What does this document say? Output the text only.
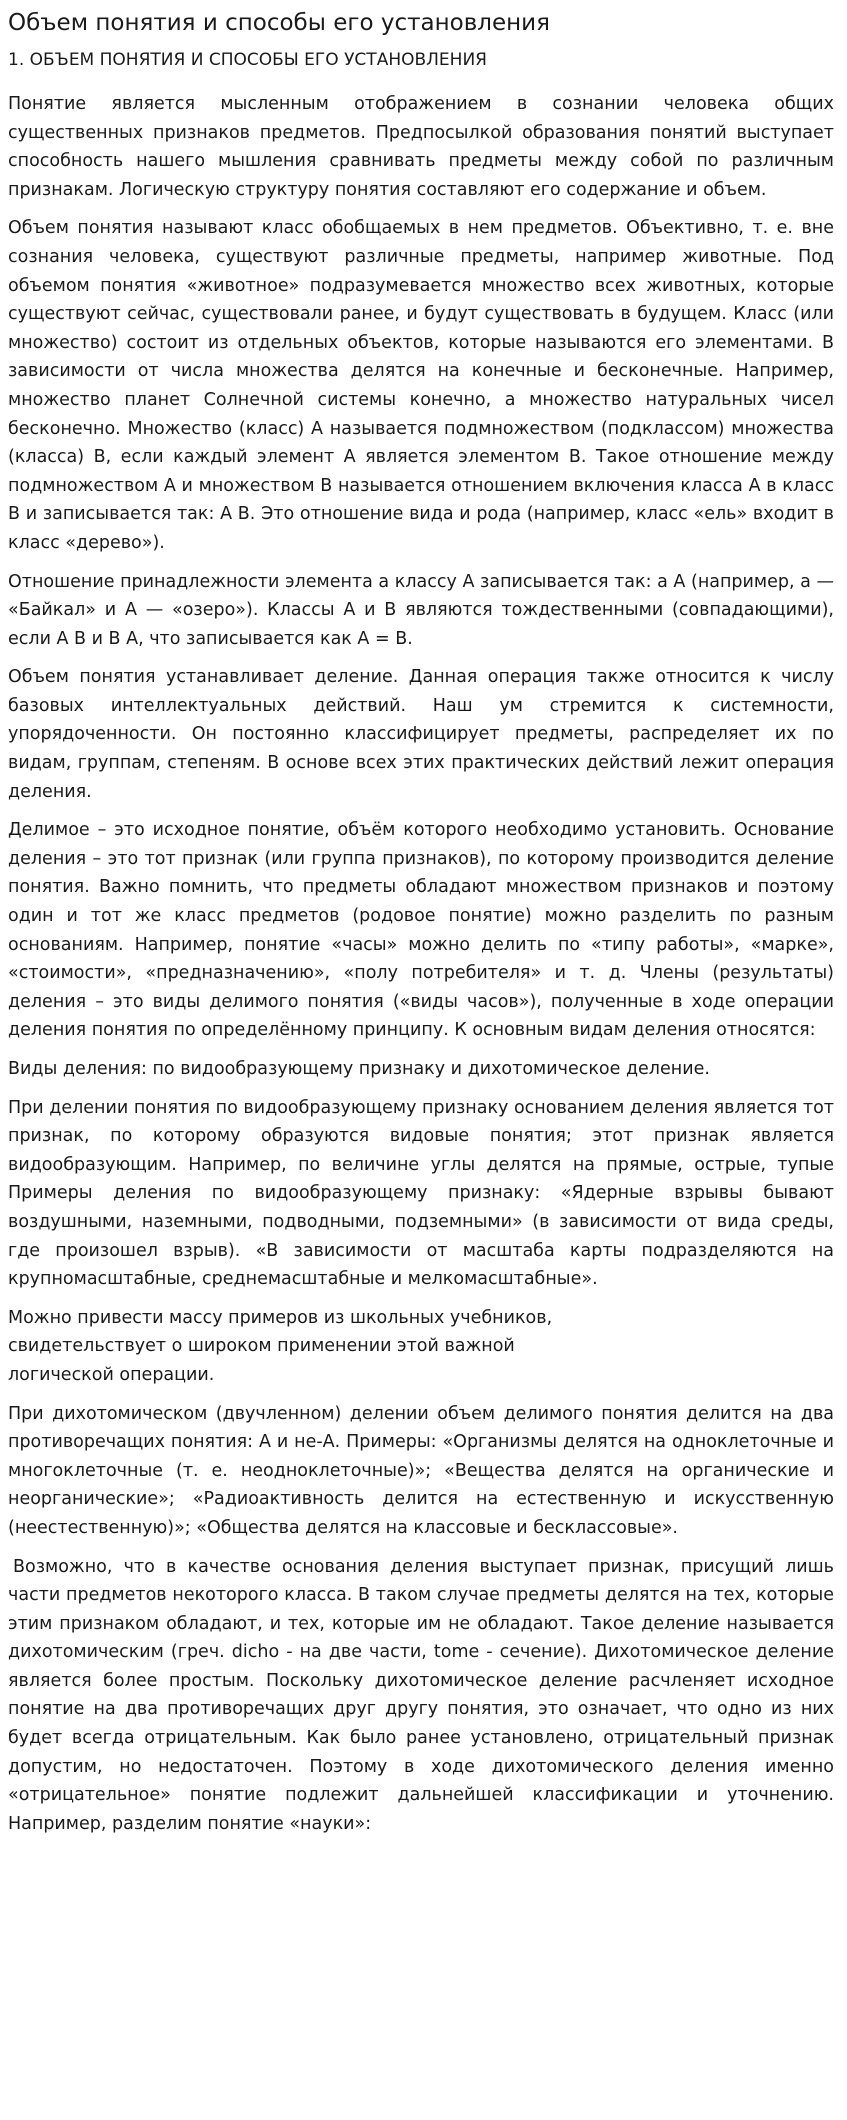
Объем понятия и способы его установления
1. ОБЪЕМ ПОНЯТИЯ И СПОСОБЫ ЕГО УСТАНОВЛЕНИЯ

Понятие является мысленным отображением в сознании человека общих существенных признаков предметов. Предпосылкой образования понятий выступает способность нашего мышления сравнивать предметы между собой по различным признакам. Логическую структуру понятия составляют его содержание и объем.

Объем понятия называют класс обобщаемых в нем предметов. Объективно, т. е. вне сознания человека, существуют различные предметы, например животные. Под объемом понятия «животное» подразумевается множество всех животных, которые существуют сейчас, существовали ранее, и будут существовать в будущем. Класс (или множество) состоит из отдельных объектов, которые называются его элементами. В зависимости от числа множества делятся на конечные и бесконечные. Например, множество планет Солнечной системы конечно, а множество натуральных чисел бесконечно. Множество (класс) А называется подмножеством (подклассом) множества (класса) В, если каждый элемент А является элементом В. Такое отношение между подмножеством А и множеством В называется отношением включения класса А в класс В и записывается так: А В. Это отношение вида и рода (например, класс «ель» входит в класс «дерево»).

Отношение принадлежности элемента а классу А записывается так: а А (например, а — «Байкал» и А — «озеро»). Классы А и В являются тождественными (совпадающими), если А В и В А, что записывается как А = В.

Объем понятия устанавливает деление. Данная операция также относится к числу базовых интеллектуальных действий. Наш ум стремится к системности, упорядоченности. Он постоянно классифицирует предметы, распределяет их по видам, группам, степеням. В основе всех этих практических действий лежит операция деления.

Делимое – это исходное понятие, объём которого необходимо установить. Основание деления – это тот признак (или группа признаков), по которому производится деление понятия. Важно помнить, что предметы обладают множеством признаков и поэтому один и тот же класс предметов (родовое понятие) можно разделить по разным основаниям. Например, понятие «часы» можно делить по «типу работы», «марке», «стоимости», «предназначению», «полу потребителя» и т. д. Члены (результаты) деления – это виды делимого понятия («виды часов»), полученные в ходе операции деления понятия по определённому принципу. К основным видам деления относятся:

Виды деления: по видообразующему признаку и дихотомическое деление.

При делении понятия по видообразующему признаку основанием деления является тот признак, по которому образуются видовые понятия; этот признак является видообразующим. Например, по величине углы делятся на прямые, острые, тупые Примеры деления по видообразующему признаку: «Ядерные взрывы бывают воздушными, наземными, подводными, подземными» (в зависимости от вида среды, где произошел взрыв). «В зависимости от масштаба карты подразделяются на крупномасштабные, среднемасштабные и мелкомасштабные».

Можно привести массу примеров из школьных учебников, свидетельствует о широком применении этой важной логической операции.

При дихотомическом (двучленном) делении объем делимого понятия делится на два противоречащих понятия: А и не-А. Примеры: «Организмы делятся на одноклеточные и многоклеточные (т. е. неодноклеточные)»; «Вещества делятся на органические и неорганические»; «Радиоактивность делится на естественную и искусственную (неестественную)»; «Общества делятся на классовые и бесклассовые».

Возможно, что в качестве основания деления выступает признак, присущий лишь части предметов некоторого класса. В таком случае предметы делятся на тех, которые этим признаком обладают, и тех, которые им не обладают. Такое деление называется дихотомическим (греч. dicho - на две части, tome - сечение). Дихотомическое деление является более простым. Поскольку дихотомическое деление расчленяет исходное понятие на два противоречащих друг другу понятия, это означает, что одно из них будет всегда отрицательным. Как было ранее установлено, отрицательный признак допустим, но недостаточен. Поэтому в ходе дихотомического деления именно «отрицательное» понятие подлежит дальнейшей классификации и уточнению. Например, разделим понятие «науки»:
